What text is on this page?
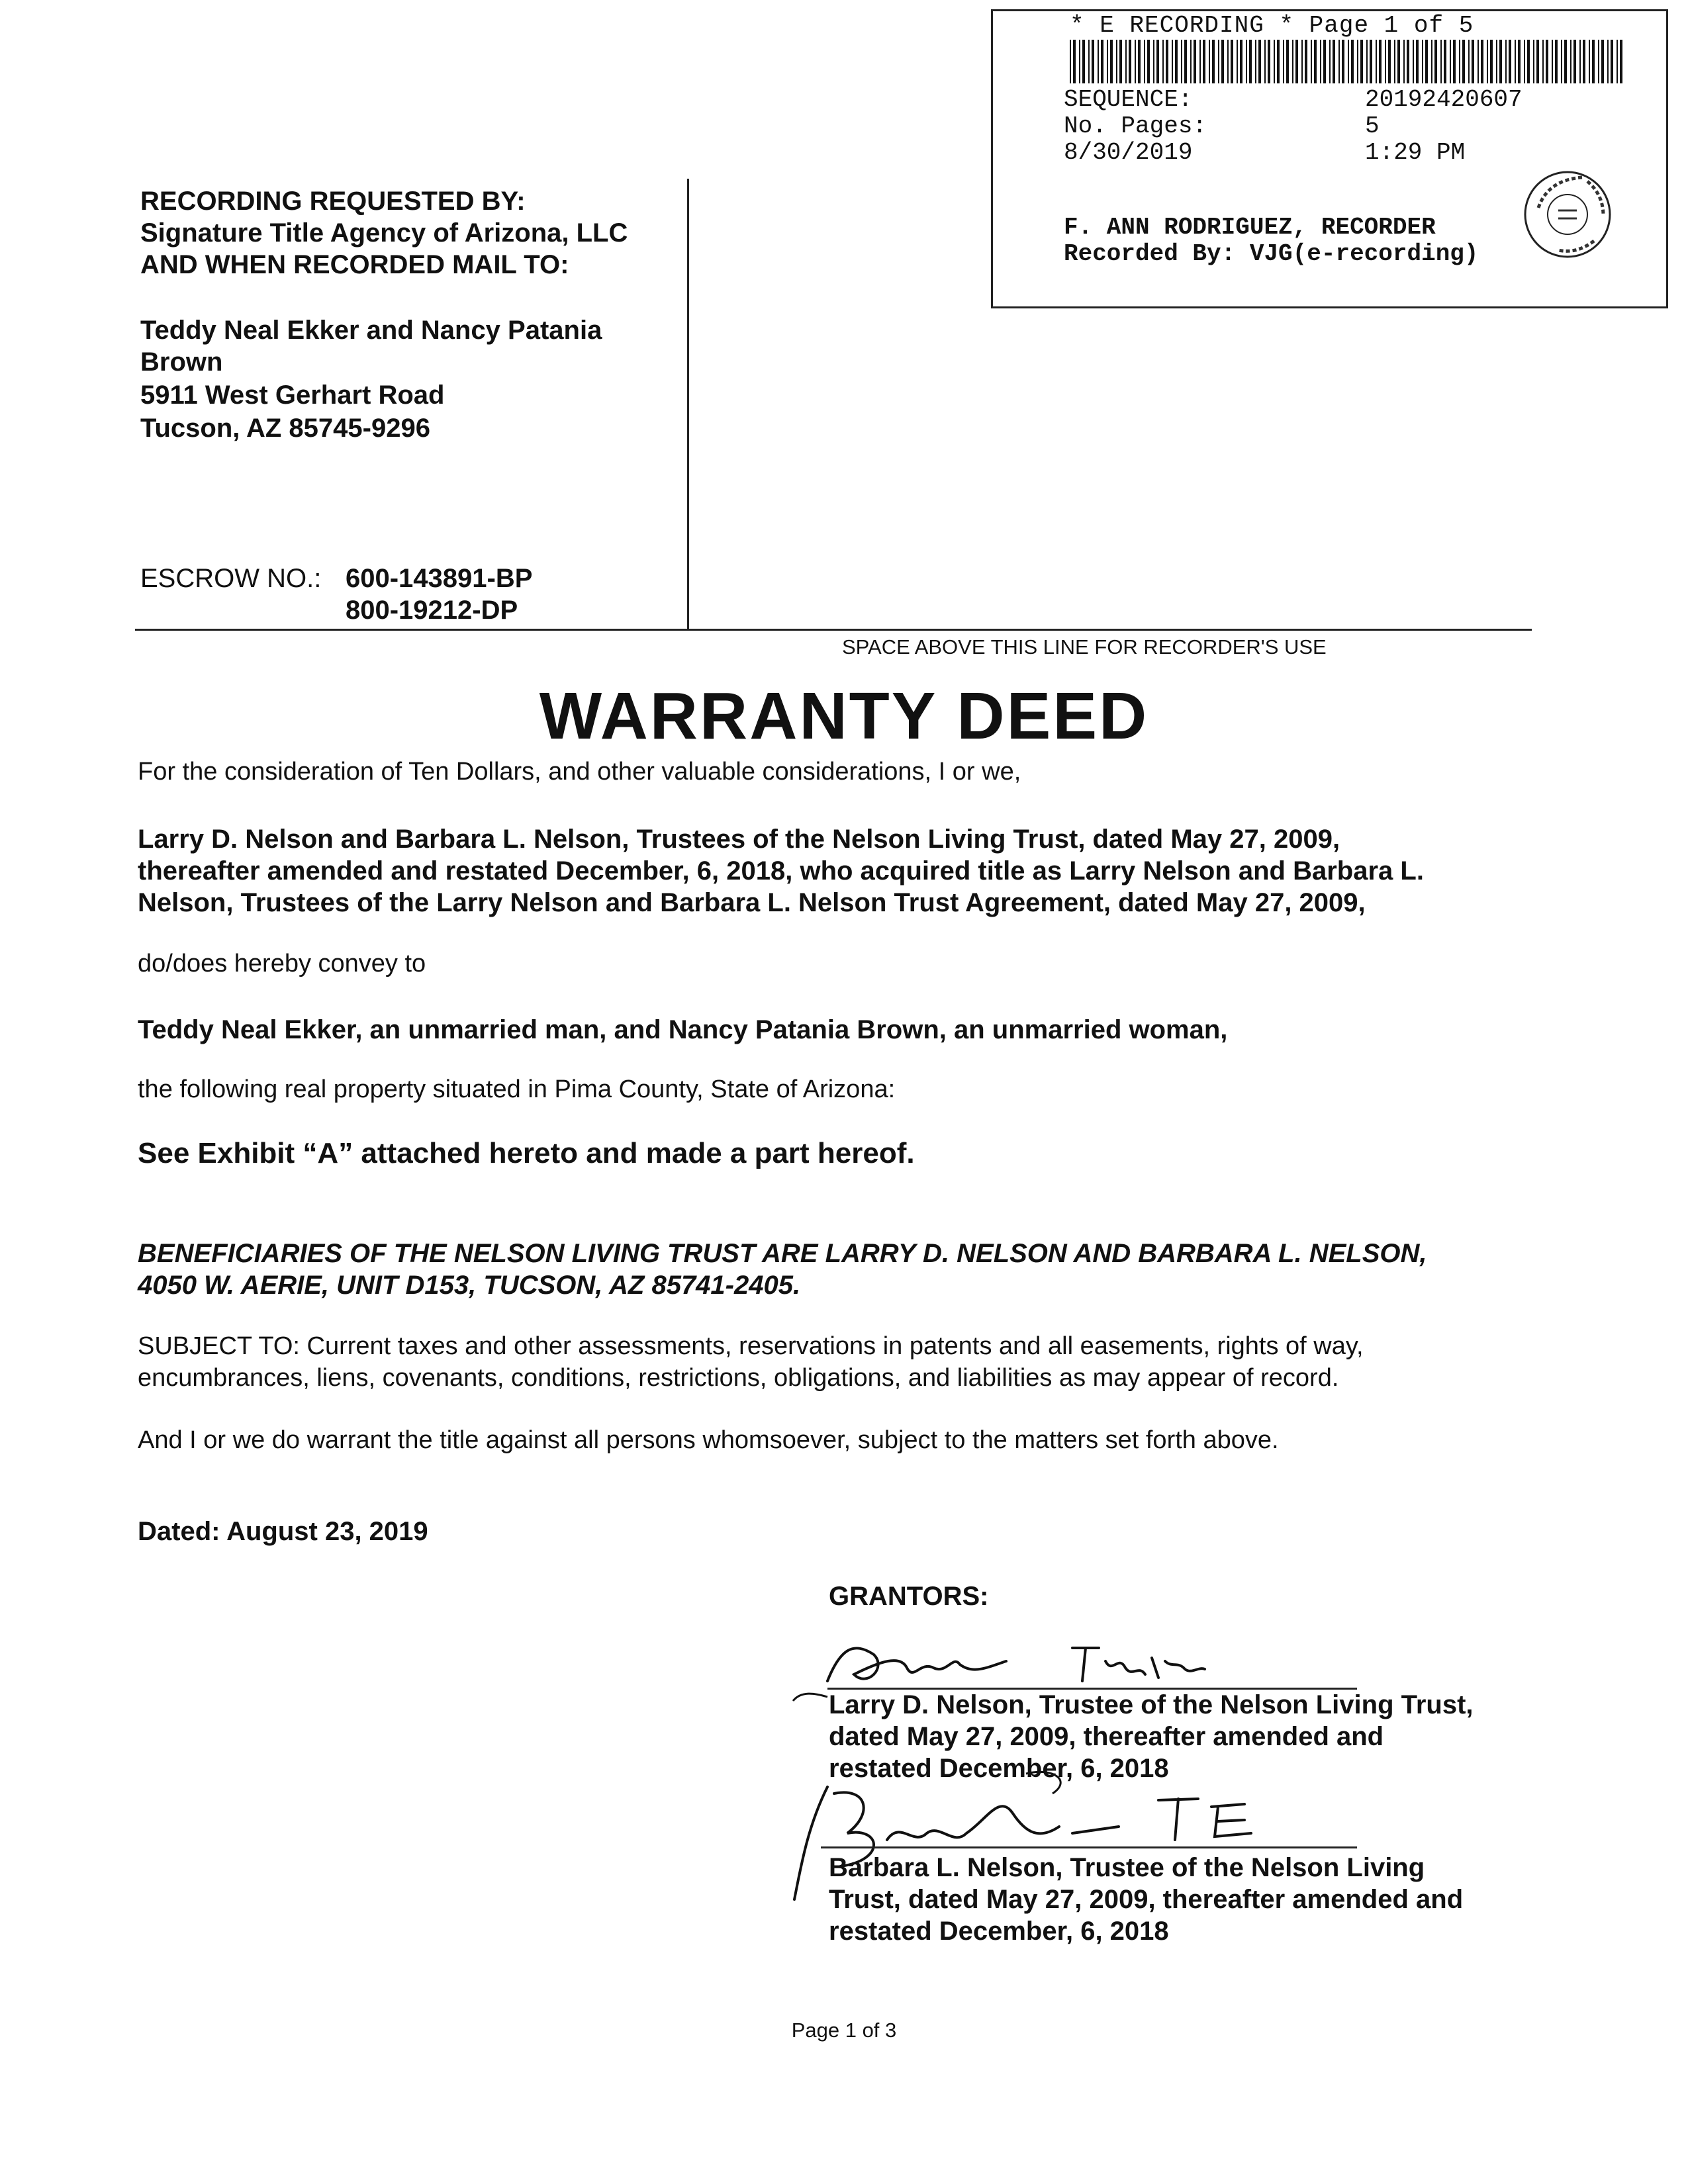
* E RECORDING * Page 1 of 5
SEQUENCE:	20192420607
No. Pages:	5
8/30/2019	1:29 PM
F. ANN RODRIGUEZ, RECORDER
Recorded By: VJG(e-recording)
RECORDING REQUESTED BY:
Signature Title Agency of Arizona, LLC
AND WHEN RECORDED MAIL TO:
Teddy Neal Ekker and Nancy Patania
Brown
5911 West Gerhart Road
Tucson, AZ 85745-9296
ESCROW NO.: 600-143891-BP
800-19212-DP
SPACE ABOVE THIS LINE FOR RECORDER'S USE
WARRANTY DEED
For the consideration of Ten Dollars, and other valuable considerations, I or we,
Larry D. Nelson and Barbara L. Nelson, Trustees of the Nelson Living Trust, dated May 27, 2009,
thereafter amended and restated December, 6, 2018, who acquired title as Larry Nelson and Barbara L.
Nelson, Trustees of the Larry Nelson and Barbara L. Nelson Trust Agreement, dated May 27, 2009,
do/does hereby convey to
Teddy Neal Ekker, an unmarried man, and Nancy Patania Brown, an unmarried woman,
the following real property situated in Pima County, State of Arizona:
See Exhibit “A” attached hereto and made a part hereof.
BENEFICIARIES OF THE NELSON LIVING TRUST ARE LARRY D. NELSON AND BARBARA L. NELSON,
4050 W. AERIE, UNIT D153, TUCSON, AZ 85741-2405.
SUBJECT TO: Current taxes and other assessments, reservations in patents and all easements, rights of way,
encumbrances, liens, covenants, conditions, restrictions, obligations, and liabilities as may appear of record.
And I or we do warrant the title against all persons whomsoever, subject to the matters set forth above.
Dated: August 23, 2019
GRANTORS:
Larry D. Nelson, Trustee of the Nelson Living Trust,
dated May 27, 2009, thereafter amended and
restated December, 6, 2018
Barbara L. Nelson, Trustee of the Nelson Living
Trust, dated May 27, 2009, thereafter amended and
restated December, 6, 2018
Page 1 of 3
